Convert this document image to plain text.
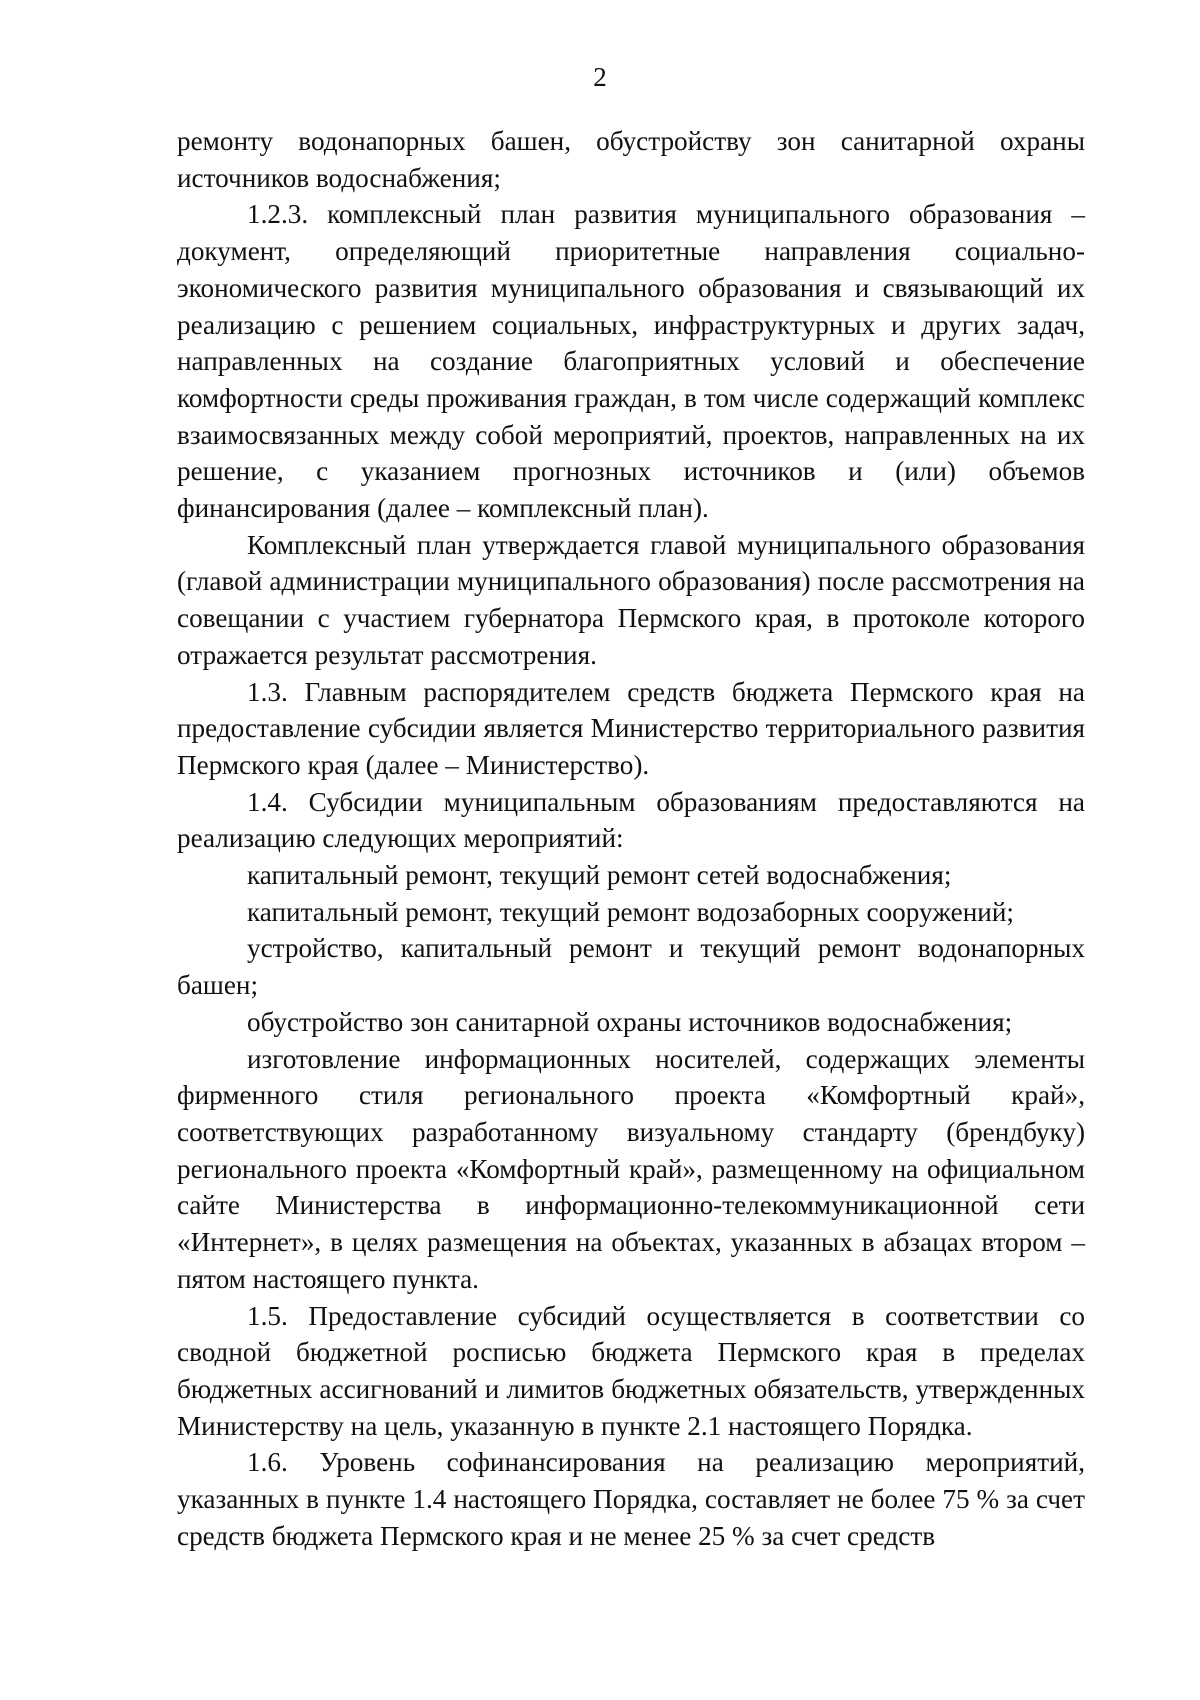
2

ремонту водонапорных башен, обустройству зон санитарной охраны источников водоснабжения;

1.2.3. комплексный план развития муниципального образования – документ, определяющий приоритетные направления социально-экономического развития муниципального образования и связывающий их реализацию с решением социальных, инфраструктурных и других задач, направленных на создание благоприятных условий и обеспечение комфортности среды проживания граждан, в том числе содержащий комплекс взаимосвязанных между собой мероприятий, проектов, направленных на их решение, с указанием прогнозных источников и (или) объемов финансирования (далее – комплексный план).

Комплексный план утверждается главой муниципального образования (главой администрации муниципального образования) после рассмотрения на совещании с участием губернатора Пермского края, в протоколе которого отражается результат рассмотрения.

1.3. Главным распорядителем средств бюджета Пермского края на предоставление субсидии является Министерство территориального развития Пермского края (далее – Министерство).

1.4. Субсидии муниципальным образованиям предоставляются на реализацию следующих мероприятий:

капитальный ремонт, текущий ремонт сетей водоснабжения;

капитальный ремонт, текущий ремонт водозаборных сооружений;

устройство, капитальный ремонт и текущий ремонт водонапорных башен;

обустройство зон санитарной охраны источников водоснабжения;

изготовление информационных носителей, содержащих элементы фирменного стиля регионального проекта «Комфортный край», соответствующих разработанному визуальному стандарту (брендбуку) регионального проекта «Комфортный край», размещенному на официальном сайте Министерства в информационно-телекоммуникационной сети «Интернет», в целях размещения на объектах, указанных в абзацах втором – пятом настоящего пункта.

1.5. Предоставление субсидий осуществляется в соответствии со сводной бюджетной росписью бюджета Пермского края в пределах бюджетных ассигнований и лимитов бюджетных обязательств, утвержденных Министерству на цель, указанную в пункте 2.1 настоящего Порядка.

1.6. Уровень софинансирования на реализацию мероприятий, указанных в пункте 1.4 настоящего Порядка, составляет не более 75 % за счет средств бюджета Пермского края и не менее 25 % за счет средств
